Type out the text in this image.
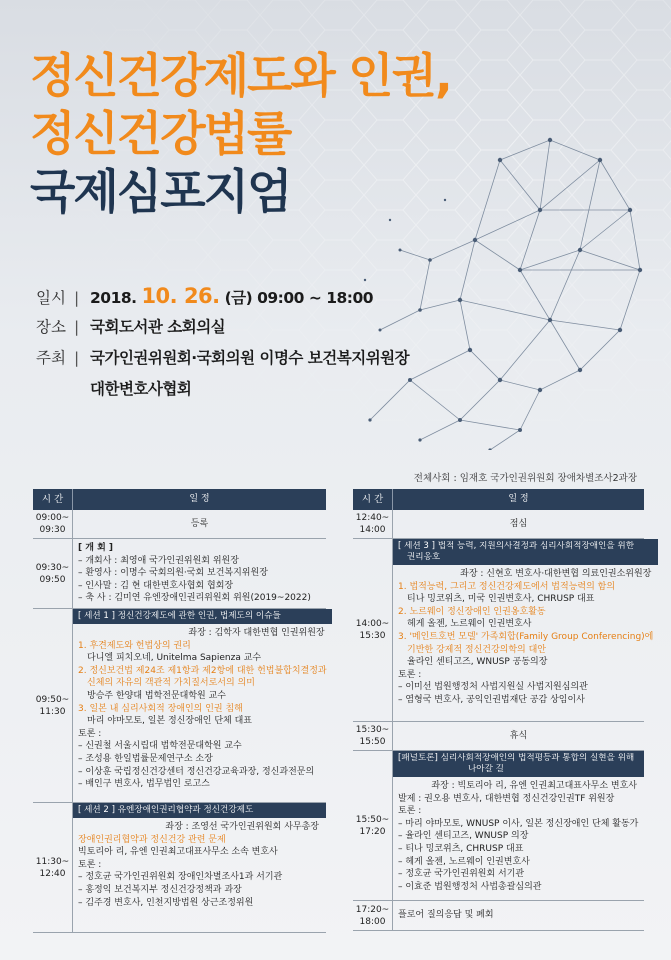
정신건강제도와 인권,
정신건강법률
국제심포지엄
일시 | 2018. 10. 26. (금) 09:00 ~ 18:00
장소 | 국회도서관 소회의실
주최 | 국가인권위원회·국회의원 이명수 보건복지위원장
대한변호사협회
전체사회 : 임재호 국가인권위원회 장애차별조사2과장
시 간	일 정
09:00~
09:30
등록
09:30~
09:50
[ 개 회 ]
– 개회사 : 최영애 국가인권위원회 위원장
– 환영사 : 이명수 국회의원·국회 보건복지위원장
– 인사말 : 김 현 대한변호사협회 협회장
– 축 사 : 김미연 유엔장애인권리위원회 위원(2019~2022)
09:50~
11:30
[ 세션 1 ] 정신건강제도에 관한 인권, 법제도의 이슈들
좌장 : 김학자 대한변협 인권위원장
1. 후견제도와 헌법상의 권리
다니엘 피치오네, Unitelma Sapienza 교수
2. 정신보건법 제24조 제1항과 제2항에 대한 헌법불합치결정과
신체의 자유의 객관적 가치질서로서의 의미
방승주 한양대 법학전문대학원 교수
3. 일본 내 심리사회적 장애인의 인권 침해
마리 야마모토, 일본 정신장애인 단체 대표
토론 :
– 신권철 서울시립대 법학전문대학원 교수
– 조성용 한일법률문제연구소 소장
– 이상훈 국립정신건강센터 정신건강교육과장, 정신과전문의
– 배인구 변호사, 법무법인 로고스
11:30~
12:40
[ 세션 2 ] 유엔장애인권리협약과 정신건강제도
좌장 : 조영선 국가인권위원회 사무총장
장애인권리협약과 정신건강 관련 문제
빅토리아 리, 유엔 인권최고대표사무소 소속 변호사
토론 :
– 정호균 국가인권위원회 장애인차별조사1과 서기관
– 홍정익 보건복지부 정신건강정책과 과장
– 김주경 변호사, 인천지방법원 상근조정위원
시 간	일 정
12:40~
14:00
점심
14:00~
15:30
[ 세션 3 ] 법적 능력, 지원의사결정과 심리사회적장애인을 위한
권리옹호
좌장 : 신현호 변호사·대한변협 의료인권소위원장
1. 법적능력, 그리고 정신건강제도에서 법적능력의 함의
티나 밍코위츠, 미국 인권변호사, CHRUSP 대표
2. 노르웨이 정신장애인 인권옹호활동
헤게 올젠, 노르웨이 인권변호사
3. '메인트호번 모델' 가족회합(Family Group Conferencing)에
기반한 강제적 정신건강의학의 대안
율라인 센티고즈, WNUSP 공동의장
토론 :
– 이미선 법원행정처 사법지원실 사법지원심의관
– 염형국 변호사, 공익인권법재단 공감 상임이사
15:30~
15:50
휴식
15:50~
17:20
[패널토론] 심리사회적장애인의 법적평등과 통합의 실현을 위해
나아갈 길
좌장 : 빅토리아 리, 유엔 인권최고대표사무소 변호사
발제 : 권오용 변호사, 대한변협 정신건강인권TF 위원장
토론 :
– 마리 야마모토, WNUSP 이사, 일본 정신장애인 단체 활동가
– 율라인 센티고즈, WNUSP 의장
– 티나 밍코위츠, CHRUSP 대표
– 헤게 올젠, 노르웨이 인권변호사
– 정호균 국가인권위원회 서기관
– 이효준 법원행정처 사법총괄심의관
17:20~
18:00
플로어 질의응답 및 폐회
